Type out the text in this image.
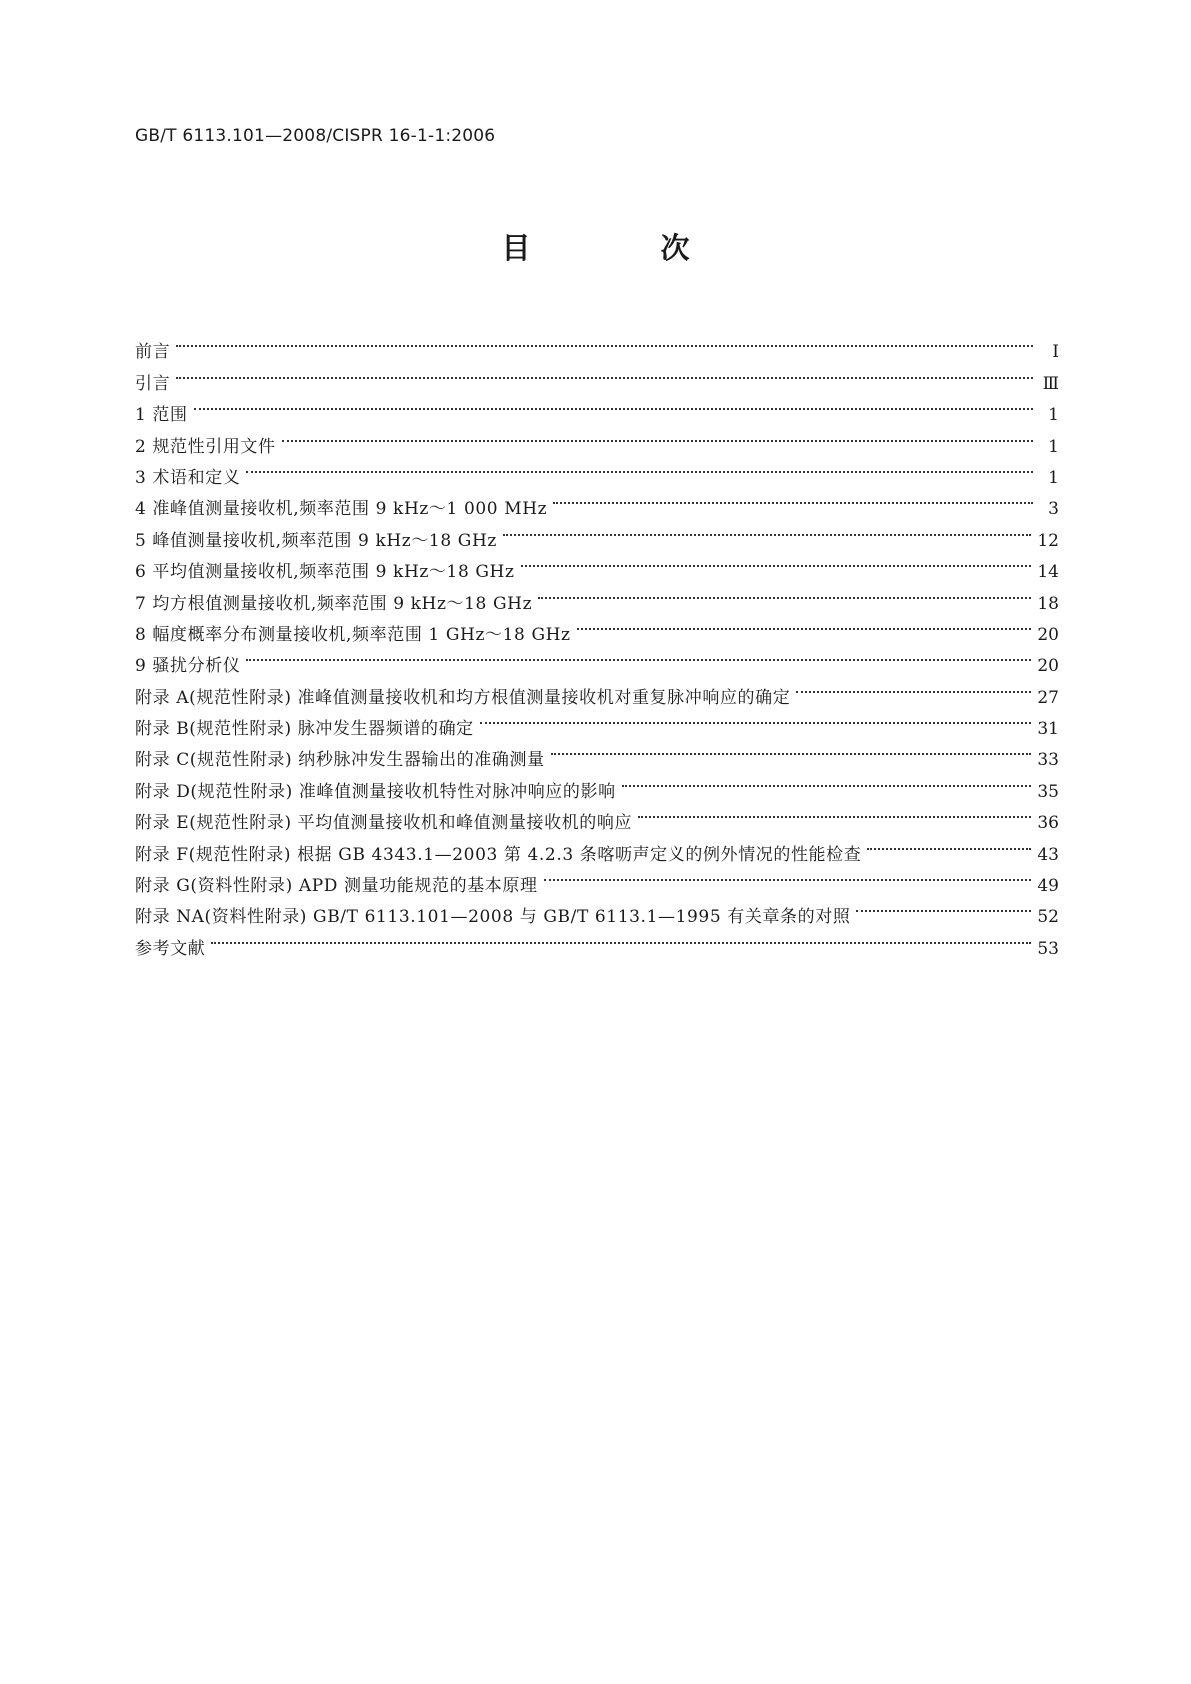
GB/T 6113.101—2008/CISPR 16-1-1:2006
目 次
前言	Ⅰ
引言	Ⅲ
1 范围	1
2 规范性引用文件	1
3 术语和定义	1
4 准峰值测量接收机,频率范围 9 kHz～1 000 MHz	3
5 峰值测量接收机,频率范围 9 kHz～18 GHz	12
6 平均值测量接收机,频率范围 9 kHz～18 GHz	14
7 均方根值测量接收机,频率范围 9 kHz～18 GHz	18
8 幅度概率分布测量接收机,频率范围 1 GHz～18 GHz	20
9 骚扰分析仪	20
附录 A(规范性附录) 准峰值测量接收机和均方根值测量接收机对重复脉冲响应的确定	27
附录 B(规范性附录) 脉冲发生器频谱的确定	31
附录 C(规范性附录) 纳秒脉冲发生器输出的准确测量	33
附录 D(规范性附录) 准峰值测量接收机特性对脉冲响应的影响	35
附录 E(规范性附录) 平均值测量接收机和峰值测量接收机的响应	36
附录 F(规范性附录) 根据 GB 4343.1—2003 第 4.2.3 条喀呖声定义的例外情况的性能检查	43
附录 G(资料性附录) APD 测量功能规范的基本原理	49
附录 NA(资料性附录) GB/T 6113.101—2008 与 GB/T 6113.1—1995 有关章条的对照	52
参考文献	53
